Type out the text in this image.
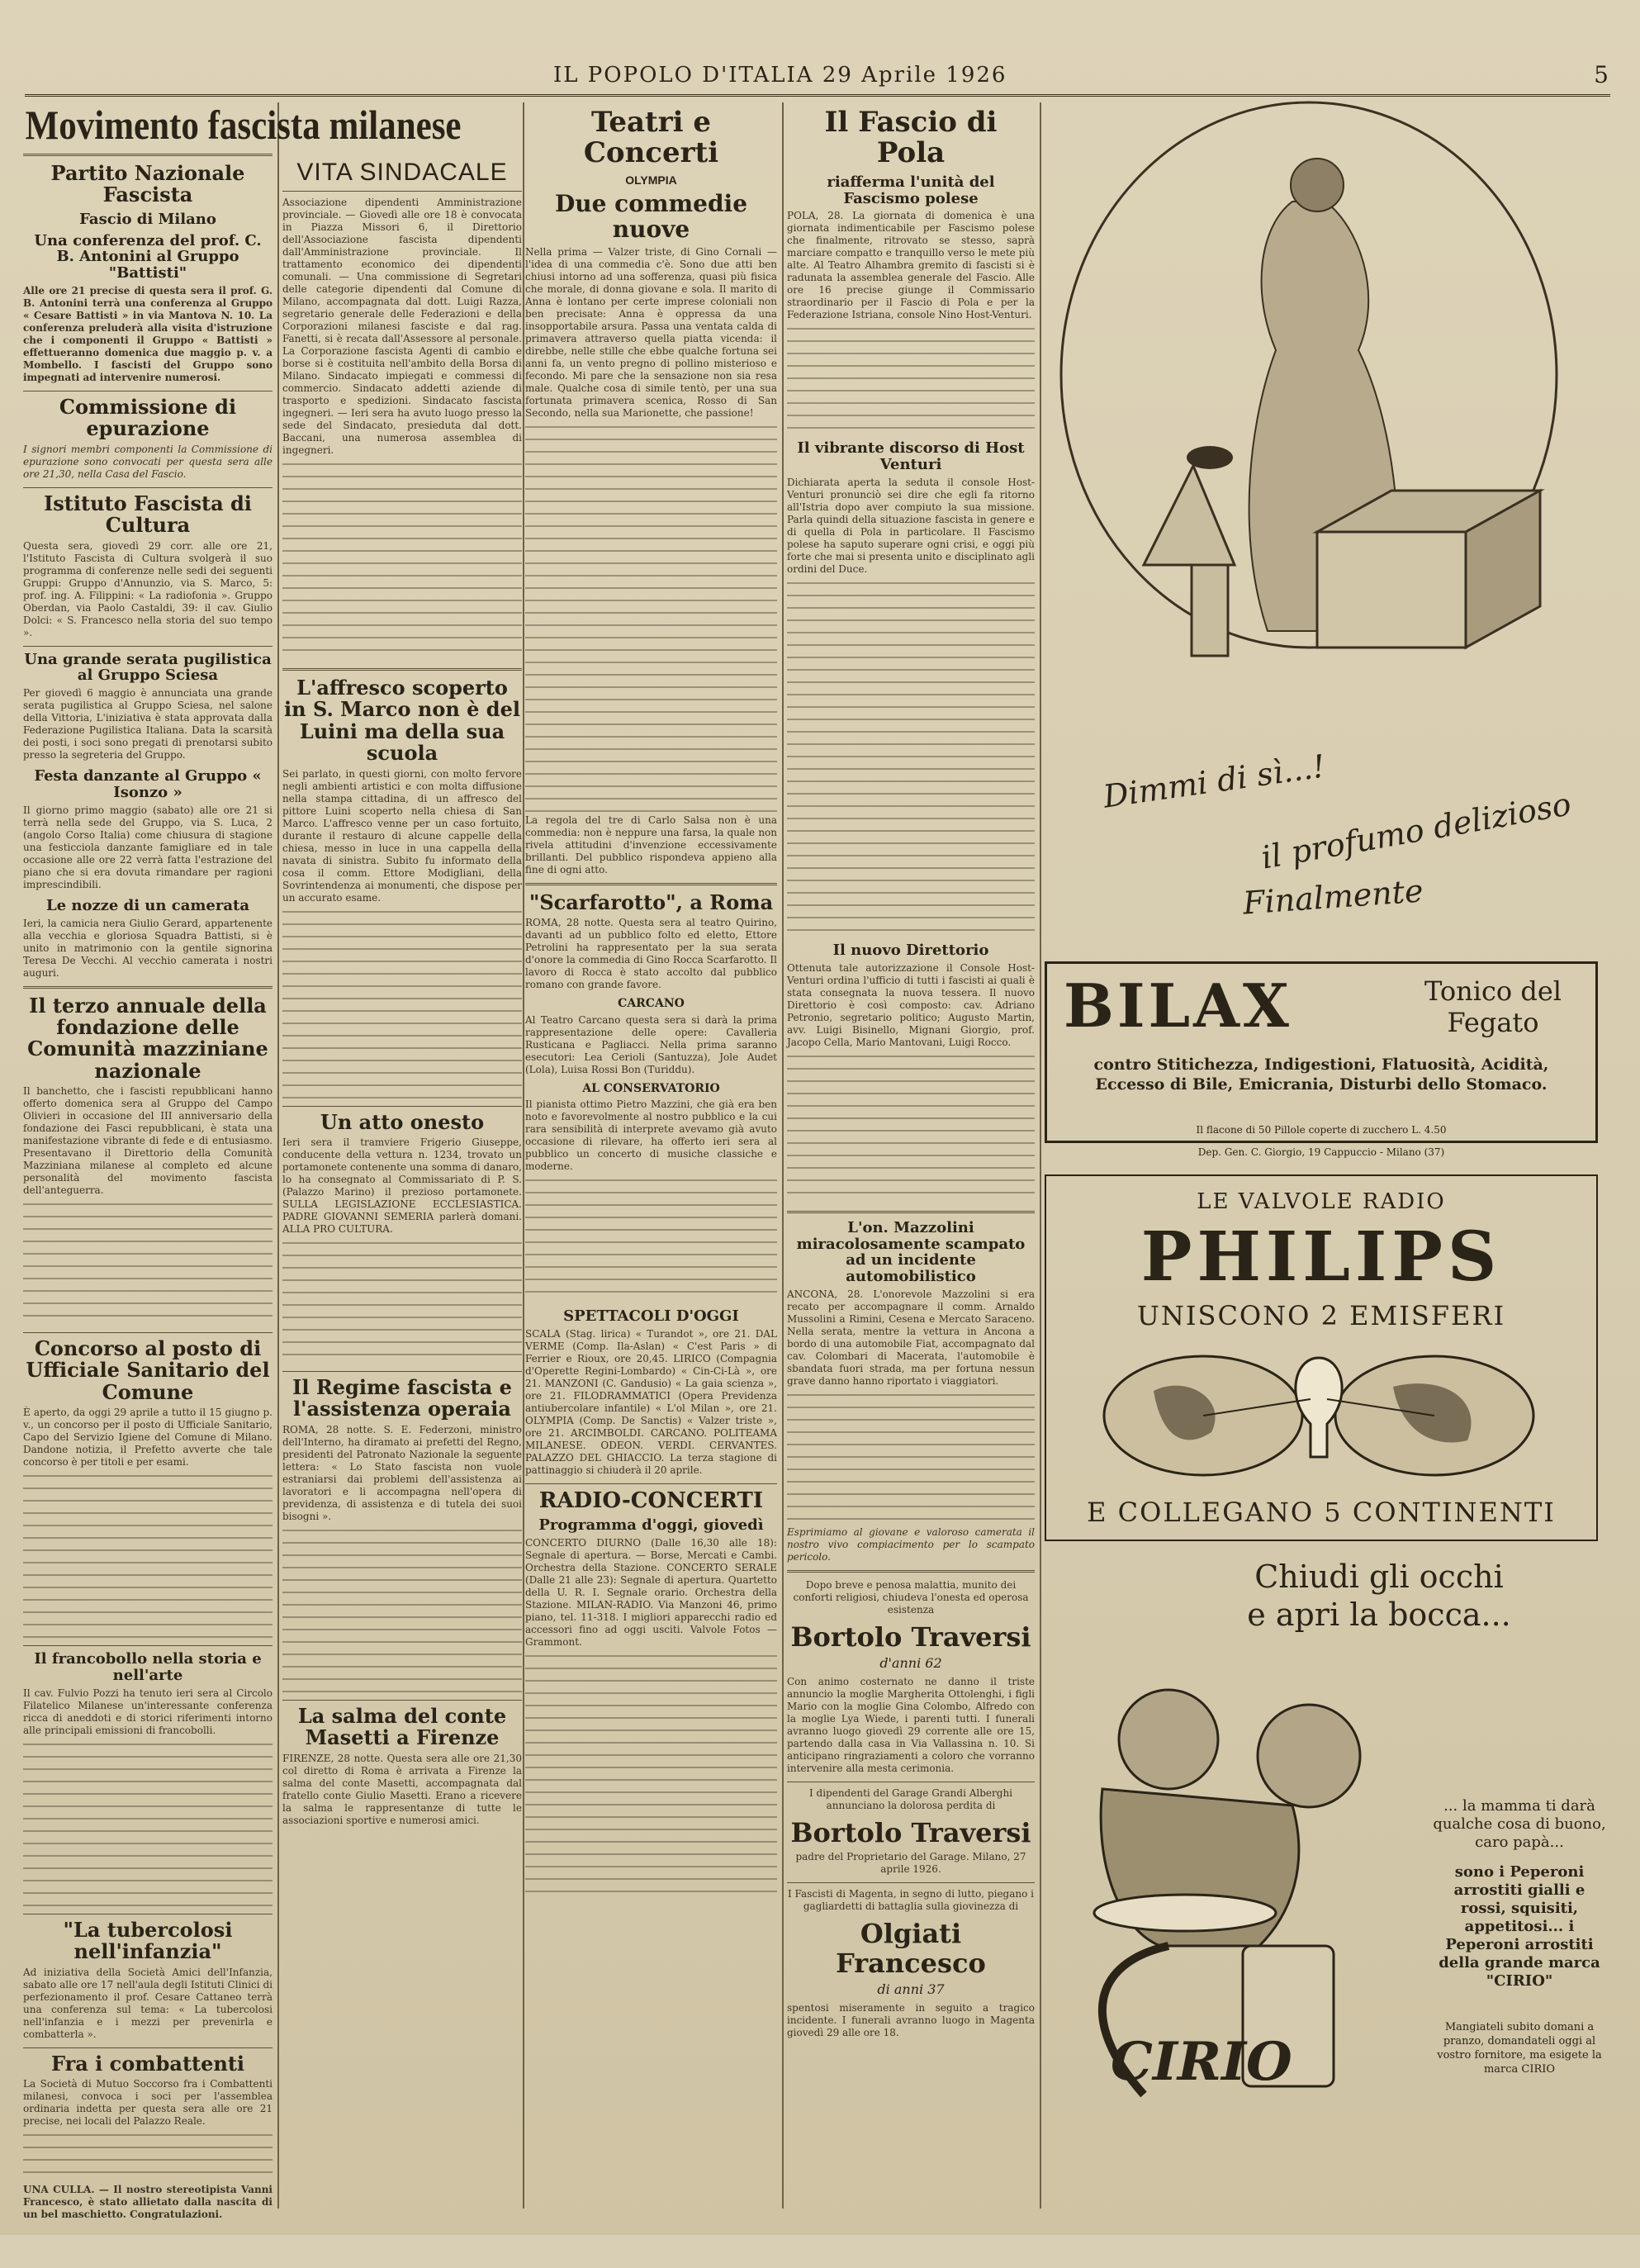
IL POPOLO D'ITALIA 29 Aprile 1926	5
Movimento fascista milanese
Partito Nazionale Fascista
Fascio di Milano
Una conferenza del prof. C. B. Antonini al Gruppo "Battisti"

Alle ore 21 precise di questa sera il prof. G. B. Antonini terrà una conferenza al Gruppo « Cesare Battisti » in via Mantova N. 10. La conferenza preluderà alla visita d'istruzione che i componenti il Gruppo « Battisti » effettueranno domenica due maggio p. v. a Mombello. I fascisti del Gruppo sono impegnati ad intervenire numerosi.

Commissione di epurazione

I signori membri componenti la Commissione di epurazione sono convocati per questa sera alle ore 21,30, nella Casa del Fascio.

Istituto Fascista di Cultura

Questa sera, giovedì 29 corr. alle ore 21, l'Istituto Fascista di Cultura svolgerà il suo programma di conferenze nelle sedi dei seguenti Gruppi: Gruppo d'Annunzio, via S. Marco, 5: prof. ing. A. Filippini: « La radiofonia ». Gruppo Oberdan, via Paolo Castaldi, 39: il cav. Giulio Dolci: « S. Francesco nella storia del suo tempo ».

Una grande serata pugilistica al Gruppo Sciesa

Per giovedì 6 maggio è annunciata una grande serata pugilistica al Gruppo Sciesa, nel salone della Vittoria, L'iniziativa è stata approvata dalla Federazione Pugilistica Italiana. Data la scarsità dei posti, i soci sono pregati di prenotarsi subito presso la segreteria del Gruppo.

Festa danzante al Gruppo « Isonzo »

Il giorno primo maggio (sabato) alle ore 21 si terrà nella sede del Gruppo, via S. Luca, 2 (angolo Corso Italia) come chiusura di stagione una festicciola danzante famigliare ed in tale occasione alle ore 22 verrà fatta l'estrazione del piano che si era dovuta rimandare per ragioni imprescindibili.

Le nozze di un camerata

Ieri, la camicia nera Giulio Gerard, appartenente alla vecchia e gloriosa Squadra Battisti, si è unito in matrimonio con la gentile signorina Teresa De Vecchi. Al vecchio camerata i nostri auguri.

Il terzo annuale della fondazione delle Comunità mazziniane nazionale

Il banchetto, che i fascisti repubblicani hanno offerto domenica sera al Gruppo del Campo Olivieri in occasione del III anniversario della fondazione dei Fasci repubblicani, è stata una manifestazione vibrante di fede e di entusiasmo. Presentavano il Direttorio della Comunità Mazziniana milanese al completo ed alcune personalità del movimento fascista dell'anteguerra.

Concorso al posto di Ufficiale Sanitario del Comune

È aperto, da oggi 29 aprile a tutto il 15 giugno p. v., un concorso per il posto di Ufficiale Sanitario, Capo del Servizio Igiene del Comune di Milano. Dandone notizia, il Prefetto avverte che tale concorso è per titoli e per esami.

Il francobollo nella storia e nell'arte

Il cav. Fulvio Pozzi ha tenuto ieri sera al Circolo Filatelico Milanese un'interessante conferenza ricca di aneddoti e di storici riferimenti intorno alle principali emissioni di francobolli.

"La tubercolosi nell'infanzia"

Ad iniziativa della Società Amici dell'Infanzia, sabato alle ore 17 nell'aula degli Istituti Clinici di perfezionamento il prof. Cesare Cattaneo terrà una conferenza sul tema: « La tubercolosi nell'infanzia e i mezzi per prevenirla e combatterla ».

Fra i combattenti

La Società di Mutuo Soccorso fra i Combattenti milanesi, convoca i soci per l'assemblea ordinaria indetta per questa sera alle ore 21 precise, nei locali del Palazzo Reale.

UNA CULLA. — Il nostro stereotipista Vanni Francesco, è stato allietato dalla nascita di un bel maschietto. Congratulazioni.

VITA SINDACALE

Associazione dipendenti Amministrazione provinciale. — Giovedì alle ore 18 è convocata in Piazza Missori 6, il Direttorio dell'Associazione fascista dipendenti dall'Amministrazione provinciale. Il trattamento economico dei dipendenti comunali. — Una commissione di Segretari delle categorie dipendenti dal Comune di Milano, accompagnata dal dott. Luigi Razza, segretario generale delle Federazioni e della Corporazioni milanesi fasciste e dal rag. Fanetti, si è recata dall'Assessore al personale. La Corporazione fascista Agenti di cambio e borse si è costituita nell'ambito della Borsa di Milano. Sindacato impiegati e commessi di commercio. Sindacato addetti aziende di trasporto e spedizioni. Sindacato fascista ingegneri. — Ieri sera ha avuto luogo presso la sede del Sindacato, presieduta dal dott. Baccani, una numerosa assemblea di ingegneri.

L'affresco scoperto in S. Marco non è del Luini ma della sua scuola

Sei parlato, in questi giorni, con molto fervore negli ambienti artistici e con molta diffusione nella stampa cittadina, di un affresco del pittore Luini scoperto nella chiesa di San Marco. L'affresco venne per un caso fortuito, durante il restauro di alcune cappelle della chiesa, messo in luce in una cappella della navata di sinistra. Subito fu informato della cosa il comm. Ettore Modigliani, della Sovrintendenza ai monumenti, che dispose per un accurato esame.

Un atto onesto

Ieri sera il tramviere Frigerio Giuseppe, conducente della vettura n. 1234, trovato un portamonete contenente una somma di danaro, lo ha consegnato al Commissariato di P. S. (Palazzo Marino) il prezioso portamonete. SULLA LEGISLAZIONE ECCLESIASTICA. PADRE GIOVANNI SEMERIA parlerà domani. ALLA PRO CULTURA.

Il Regime fascista e l'assistenza operaia

ROMA, 28 notte. S. E. Federzoni, ministro dell'Interno, ha diramato ai prefetti del Regno, presidenti del Patronato Nazionale la seguente lettera: « Lo Stato fascista non vuole estraniarsi dai problemi dell'assistenza ai lavoratori e li accompagna nell'opera di previdenza, di assistenza e di tutela dei suoi bisogni ».

La salma del conte Masetti a Firenze

FIRENZE, 28 notte. Questa sera alle ore 21,30 col diretto di Roma è arrivata a Firenze la salma del conte Masetti, accompagnata dal fratello conte Giulio Masetti. Erano a ricevere la salma le rappresentanze di tutte le associazioni sportive e numerosi amici.

Teatri e Concerti
OLYMPIA
Due commedie nuove

Nella prima — Valzer triste, di Gino Cornali — l'idea di una commedia c'è. Sono due atti ben chiusi intorno ad una sofferenza, quasi più fisica che morale, di donna giovane e sola. Il marito di Anna è lontano per certe imprese coloniali non ben precisate: Anna è oppressa da una insopportabile arsura. Passa una ventata calda di primavera attraverso quella piatta vicenda: il direbbe, nelle stille che ebbe qualche fortuna sei anni fa, un vento pregno di pollino misterioso e fecondo. Mi pare che la sensazione non sia resa male. Qualche cosa di simile tentò, per una sua fortunata primavera scenica, Rosso di San Secondo, nella sua Marionette, che passione!

La regola del tre di Carlo Salsa non è una commedia: non è neppure una farsa, la quale non rivela attitudini d'invenzione eccessivamente brillanti. Del pubblico rispondeva appieno alla fine di ogni atto.

"Scarfarotto", a Roma

ROMA, 28 notte. Questa sera al teatro Quirino, davanti ad un pubblico folto ed eletto, Ettore Petrolini ha rappresentato per la sua serata d'onore la commedia di Gino Rocca Scarfarotto. Il lavoro di Rocca è stato accolto dal pubblico romano con grande favore.

CARCANO

Al Teatro Carcano questa sera si darà la prima rappresentazione delle opere: Cavalleria Rusticana e Pagliacci. Nella prima saranno esecutori: Lea Cerioli (Santuzza), Jole Audet (Lola), Luisa Rossi Bon (Turiddu).

AL CONSERVATORIO

Il pianista ottimo Pietro Mazzini, che già era ben noto e favorevolmente al nostro pubblico e la cui rara sensibilità di interprete avevamo già avuto occasione di rilevare, ha offerto ieri sera al pubblico un concerto di musiche classiche e moderne.

SPETTACOLI D'OGGI

SCALA (Stag. lirica) « Turandot », ore 21. DAL VERME (Comp. Ila-Aslan) « C'est Paris » di Ferrier e Rioux, ore 20,45. LIRICO (Compagnia d'Operette Regini-Lombardo) « Cin-Ci-Là », ore 21. MANZONI (C. Gandusio) « La gaia scienza », ore 21. FILODRAMMATICI (Opera Previdenza antiubercolare infantile) « L'ol Milan », ore 21. OLYMPIA (Comp. De Sanctis) « Valzer triste », ore 21. ARCIMBOLDI. CARCANO. POLITEAMA MILANESE. ODEON. VERDI. CERVANTES. PALAZZO DEL GHIACCIO. La terza stagione di pattinaggio si chiuderà il 20 aprile.

RADIO-CONCERTI
Programma d'oggi, giovedì

CONCERTO DIURNO (Dalle 16,30 alle 18): Segnale di apertura. — Borse, Mercati e Cambi. Orchestra della Stazione. CONCERTO SERALE (Dalle 21 alle 23): Segnale di apertura. Quartetto della U. R. I. Segnale orario. Orchestra della Stazione. MILAN-RADIO. Via Manzoni 46, primo piano, tel. 11-318. I migliori apparecchi radio ed accessori fino ad oggi usciti. Valvole Fotos — Grammont.

Il Fascio di Pola
riafferma l'unità del Fascismo polese

POLA, 28. La giornata di domenica è una giornata indimenticabile per Fascismo polese che finalmente, ritrovato se stesso, saprà marciare compatto e tranquillo verso le mete più alte. Al Teatro Alhambra gremito di fascisti si è radunata la assemblea generale del Fascio. Alle ore 16 precise giunge il Commissario straordinario per il Fascio di Pola e per la Federazione Istriana, console Nino Host-Venturi.

Il vibrante discorso di Host Venturi

Dichiarata aperta la seduta il console Host-Venturi pronunciò sei dire che egli fa ritorno all'Istria dopo aver compiuto la sua missione. Parla quindi della situazione fascista in genere e di quella di Pola in particolare. Il Fascismo polese ha saputo superare ogni crisi, e oggi più forte che mai si presenta unito e disciplinato agli ordini del Duce.

Il nuovo Direttorio

Ottenuta tale autorizzazione il Console Host-Venturi ordina l'ufficio di tutti i fascisti ai quali è stata consegnata la nuova tessera. Il nuovo Direttorio è così composto: cav. Adriano Petronio, segretario politico; Augusto Martin, avv. Luigi Bisinello, Mignani Giorgio, prof. Jacopo Cella, Mario Mantovani, Luigi Rocco.

L'on. Mazzolini miracolosamente scampato ad un incidente automobilistico

ANCONA, 28. L'onorevole Mazzolini si era recato per accompagnare il comm. Arnaldo Mussolini a Rimini, Cesena e Mercato Saraceno. Nella serata, mentre la vettura in Ancona a bordo di una automobile Fiat, accompagnato dal cav. Colombari di Macerata, l'automobile è sbandata fuori strada, ma per fortuna nessun grave danno hanno riportato i viaggiatori.

Esprimiamo al giovane e valoroso camerata il nostro vivo compiacimento per lo scampato pericolo.

Dopo breve e penosa malattia, munito dei conforti religiosi, chiudeva l'onesta ed operosa esistenza

Bortolo Traversi
d'anni 62

Con animo costernato ne danno il triste annuncio la moglie Margherita Ottolenghi, i figli Mario con la moglie Gina Colombo, Alfredo con la moglie Lya Wiede, i parenti tutti. I funerali avranno luogo giovedì 29 corrente alle ore 15, partendo dalla casa in Via Vallassina n. 10. Si anticipano ringraziamenti a coloro che vorranno intervenire alla mesta cerimonia.

I dipendenti del Garage Grandi Alberghi annunciano la dolorosa perdita di

Bortolo Traversi

padre del Proprietario del Garage. Milano, 27 aprile 1926.

I Fascisti di Magenta, in segno di lutto, piegano i gagliardetti di battaglia sulla giovinezza di

Olgiati Francesco
di anni 37

spentosi miseramente in seguito a tragico incidente. I funerali avranno luogo in Magenta giovedì 29 alle ore 18.

Dimmi di sì...!
il profumo delizioso
Finalmente
BILAX	Tonico del Fegato
contro Stitichezza, Indigestioni, Flatuosità, Acidità, Eccesso di Bile, Emicrania, Disturbi dello Stomaco.
Il flacone di 50 Pillole coperte di zucchero L. 4.50
Dep. Gen. C. Giorgio, 19 Cappuccio - Milano (37)
LE VALVOLE RADIO
PHILIPS
UNISCONO 2 EMISFERI
E COLLEGANO 5 CONTINENTI
Chiudi gli occhi
e apri la bocca...
CIRIO
... la mamma ti darà qualche cosa di buono, caro papà...
sono i Peperoni arrostiti gialli e rossi, squisiti, appetitosi... i Peperoni arrostiti della grande marca "CIRIO"
Mangiateli subito domani a pranzo, domandateli oggi al vostro fornitore, ma esigete la marca CIRIO
